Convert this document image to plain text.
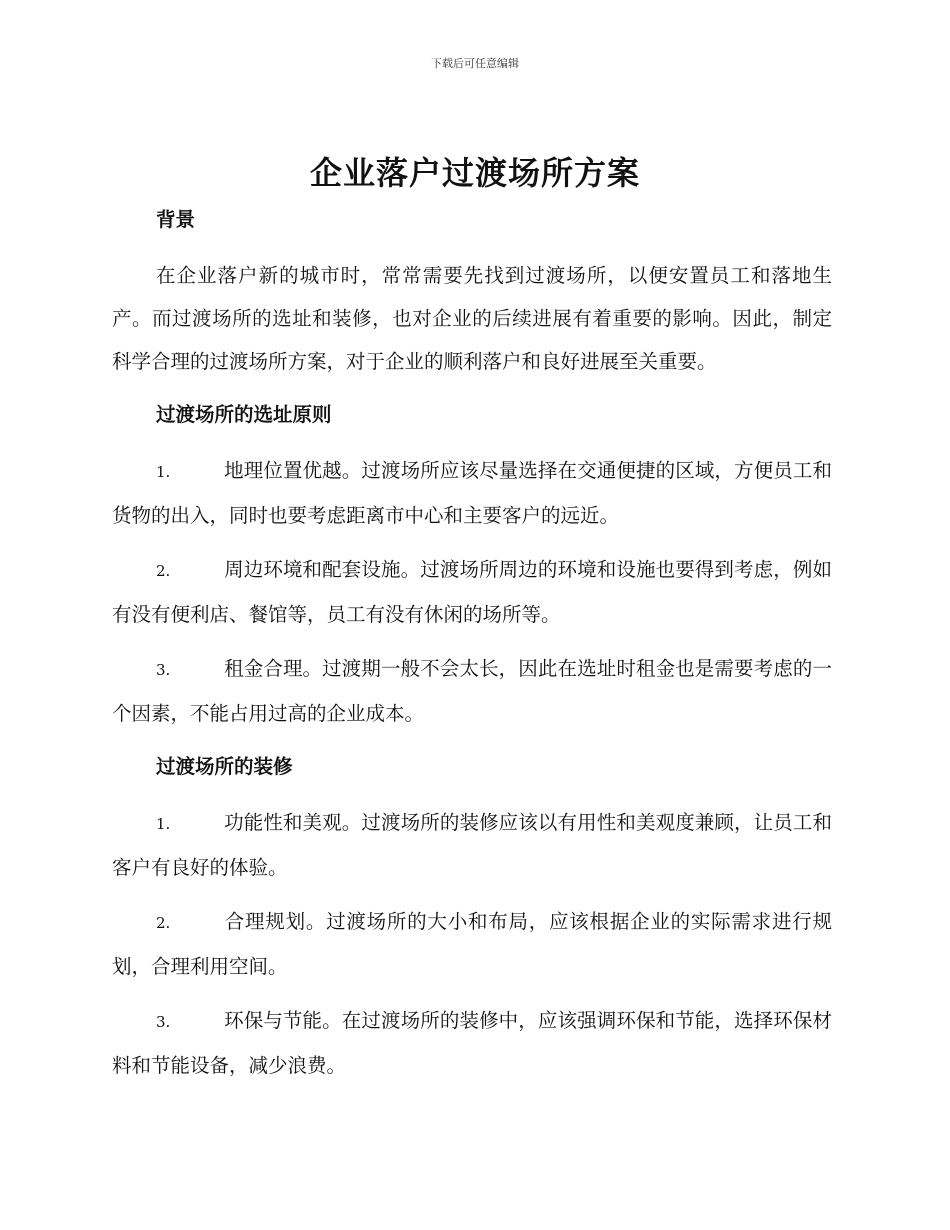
下载后可任意编辑
企业落户过渡场所方案
背景

在企业落户新的城市时，常常需要先找到过渡场所，以便安置员工和落地生产。而过渡场所的选址和装修，也对企业的后续进展有着重要的影响。因此，制定科学合理的过渡场所方案，对于企业的顺利落户和良好进展至关重要。

过渡场所的选址原则

1.	地理位置优越。过渡场所应该尽量选择在交通便捷的区域，方便员工和货物的出入，同时也要考虑距离市中心和主要客户的远近。

2.	周边环境和配套设施。过渡场所周边的环境和设施也要得到考虑，例如有没有便利店、餐馆等，员工有没有休闲的场所等。

3.	租金合理。过渡期一般不会太长，因此在选址时租金也是需要考虑的一个因素，不能占用过高的企业成本。

过渡场所的装修

1.	功能性和美观。过渡场所的装修应该以有用性和美观度兼顾，让员工和客户有良好的体验。

2.	合理规划。过渡场所的大小和布局，应该根据企业的实际需求进行规划，合理利用空间。

3.	环保与节能。在过渡场所的装修中，应该强调环保和节能，选择环保材料和节能设备，减少浪费。
